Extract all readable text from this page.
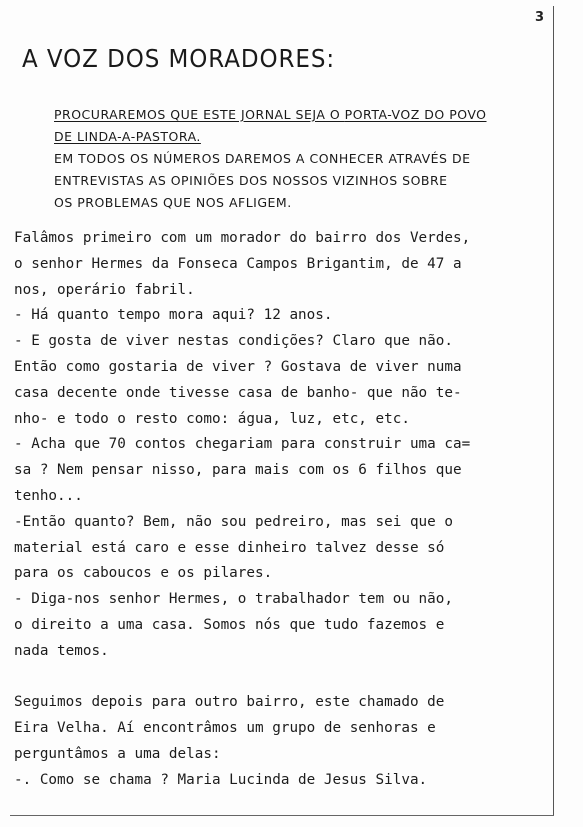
3
A VOZ DOS MORADORES:
PROCURAREMOS QUE ESTE JORNAL SEJA O PORTA-VOZ DO POVO
DE LINDA-A-PASTORA.
EM TODOS OS NÚMEROS DAREMOS A CONHECER ATRAVÉS DE
ENTREVISTAS AS OPINIÕES DOS NOSSOS VIZINHOS SOBRE
OS PROBLEMAS QUE NOS AFLIGEM.
Falâmos primeiro com um morador do bairro dos Verdes,
o senhor Hermes da Fonseca Campos Brigantim, de 47 a
nos, operário fabril.
- Há quanto tempo mora aqui? 12 anos.
- E gosta de viver nestas condições? Claro que não.
Então como gostaria de viver ? Gostava de viver numa
casa decente onde tivesse casa de banho- que não te-
nho- e todo o resto como: água, luz, etc, etc.
- Acha que 70 contos chegariam para construir uma ca=
sa ? Nem pensar nisso, para mais com os 6 filhos que
tenho...
-Então quanto? Bem, não sou pedreiro, mas sei que o
material está caro e esse dinheiro talvez desse só
para os caboucos e os pilares.
- Diga-nos senhor Hermes, o trabalhador tem ou não,
o direito a uma casa. Somos nós que tudo fazemos e
nada temos.
Seguimos depois para outro bairro, este chamado de
Eira Velha. Aí encontrâmos um grupo de senhoras e
perguntâmos a uma delas:
-. Como se chama ? Maria Lucinda de Jesus Silva.
